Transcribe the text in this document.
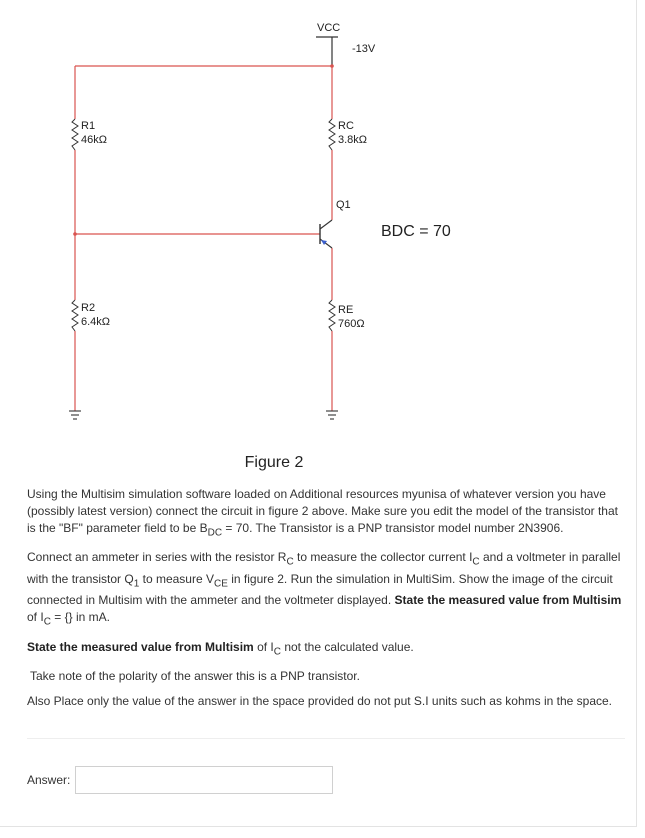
VCC
-13V
R1
46kΩ
R2
6.4kΩ
RC
3.8kΩ
RE
760Ω
Q1
BDC = 70
Figure 2

Using the Multisim simulation software loaded on Additional resources myunisa of whatever version you have (possibly latest version) connect the circuit in figure 2 above. Make sure you edit the model of the transistor that is the "BF" parameter field to be $B_{DC} = 70$. The Transistor is a PNP transistor model number 2N3906.

Connect an ammeter in series with the resistor $R_C$ to measure the collector current $I_C$ and a voltmeter in parallel with the transistor $Q_1$ to measure $V_{CE}$ in figure 2. Run the simulation in MultiSim. Show the image of the circuit connected in Multisim with the ammeter and the voltmeter displayed. State the measured value from Multisim of $I_C$ = {} in mA.

State the measured value from Multisim of $I_C$ not the calculated value.

Take note of the polarity of the answer this is a PNP transistor.

Also Place only the value of the answer in the space provided do not put S.I units such as kohms in the space.

Answer:
